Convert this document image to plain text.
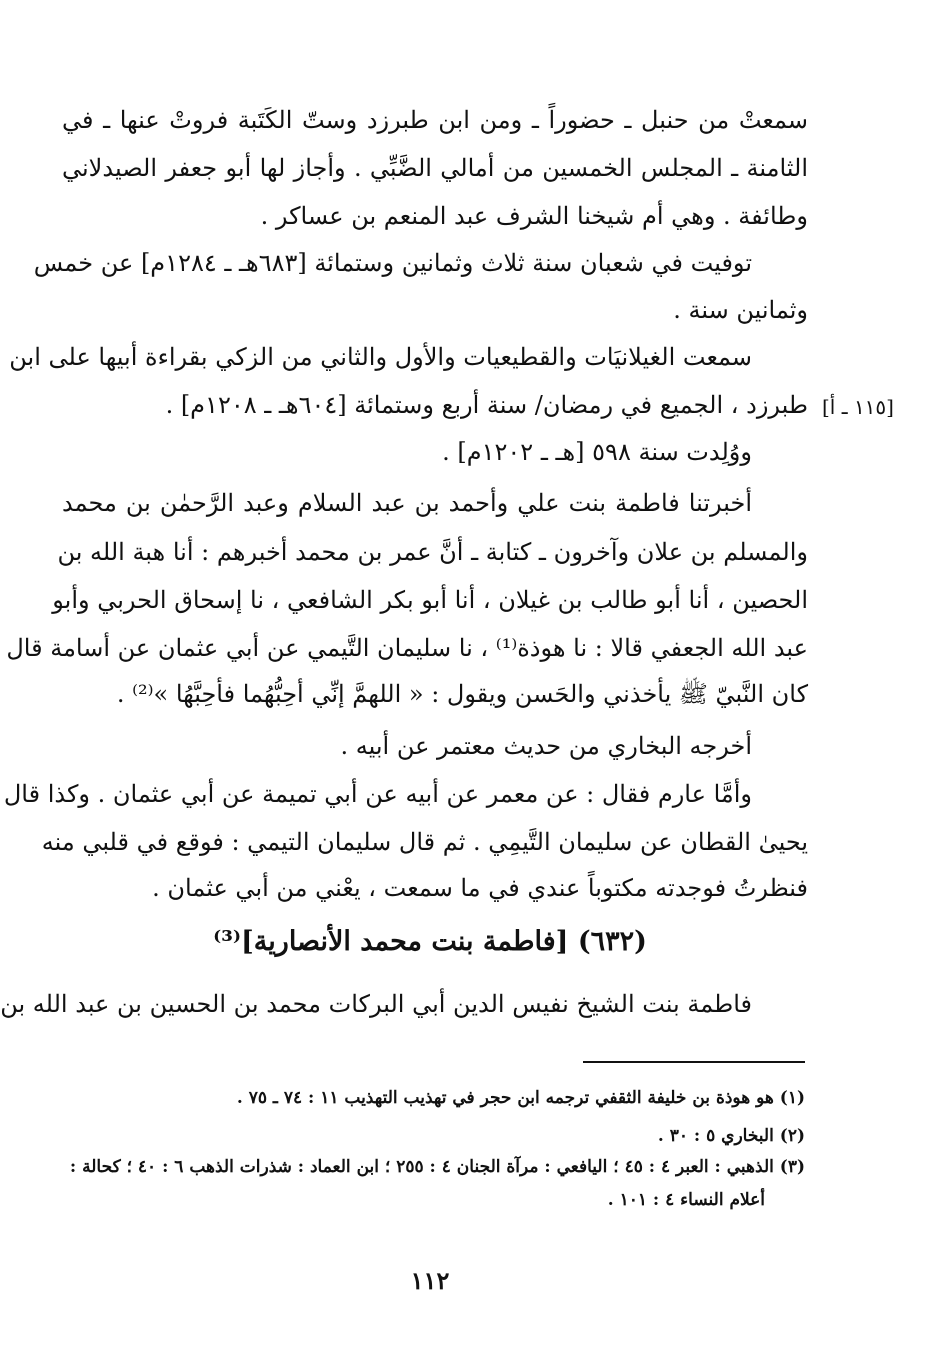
سمعتْ من حنبل ـ حضوراً ـ ومن ابن طبرزد وستّ الكَتَبة فروتْ عنها ـ في
الثامنة ـ المجلس الخمسين من أمالي الضَّبِّي . وأجاز لها أبو جعفر الصيدلاني
وطائفة . وهي أم شيخنا الشرف عبد المنعم بن عساكر .
توفيت في شعبان سنة ثلاث وثمانين وستمائة [٦٨٣هـ ـ ١٢٨٤م] عن خمس
وثمانين سنة .
سمعت الغيلانيَات والقطيعيات والأول والثاني من الزكي بقراءة أبيها على ابن
طبرزد ، الجميع في رمضان/ سنة أربع وستمائة [٦٠٤هـ ـ ١٢٠٨م] .
ووُلِدت سنة ٥٩٨ [هـ ـ ١٢٠٢م] .
أخبرتنا فاطمة بنت علي وأحمد بن عبد السلام وعبد الرَّحمٰن بن محمد
والمسلم بن علان وآخرون ـ كتابة ـ أنَّ عمر بن محمد أخبرهم : أنا هبة الله بن
الحصين ، أنا أبو طالب بن غيلان ، أنا أبو بكر الشافعي ، نا إسحاق الحربي وأبو
عبد الله الجعفي قالا : نا هوذة⁽¹⁾ ، نا سليمان التَّيمي عن أبي عثمان عن أسامة قال
كان النَّبيّ ﷺ يأخذني والحَسن ويقول : « اللهمَّ إنِّي أحِبُّهُما فأحِبَّهُا »⁽²⁾ .
أخرجه البخاري من حديث معتمر عن أبيه .
وأمَّا عارم فقال : عن معمر عن أبيه عن أبي تميمة عن أبي عثمان . وكذا قال
يحيىٰ القطان عن سليمان التَّيمِي . ثم قال سليمان التيمي : فوقع في قلبي منه
فنظرتُ فوجدته مكتوباً عندي في ما سمعت ، يعْني من أبي عثمان .
[١١٥ ـ أ]
(٦٣٢) [فاطمة بنت محمد الأنصارية]⁽³⁾
فاطمة بنت الشيخ نفيس الدين أبي البركات محمد بن الحسين بن عبد الله بن
(١) هو هوذة بن خليفة الثقفي ترجمه ابن حجر في تهذيب التهذيب ١١ : ٧٤ ـ ٧٥ .
(٢) البخاري ٥ : ٣٠ .
(٣) الذهبي : العبر ٤ : ٤٥ ؛ اليافعي : مرآة الجنان ٤ : ٢٥٥ ؛ ابن العماد : شذرات الذهب ٦ : ٤٠ ؛ كحالة :
أعلام النساء ٤ : ١٠١ .
١١٢
